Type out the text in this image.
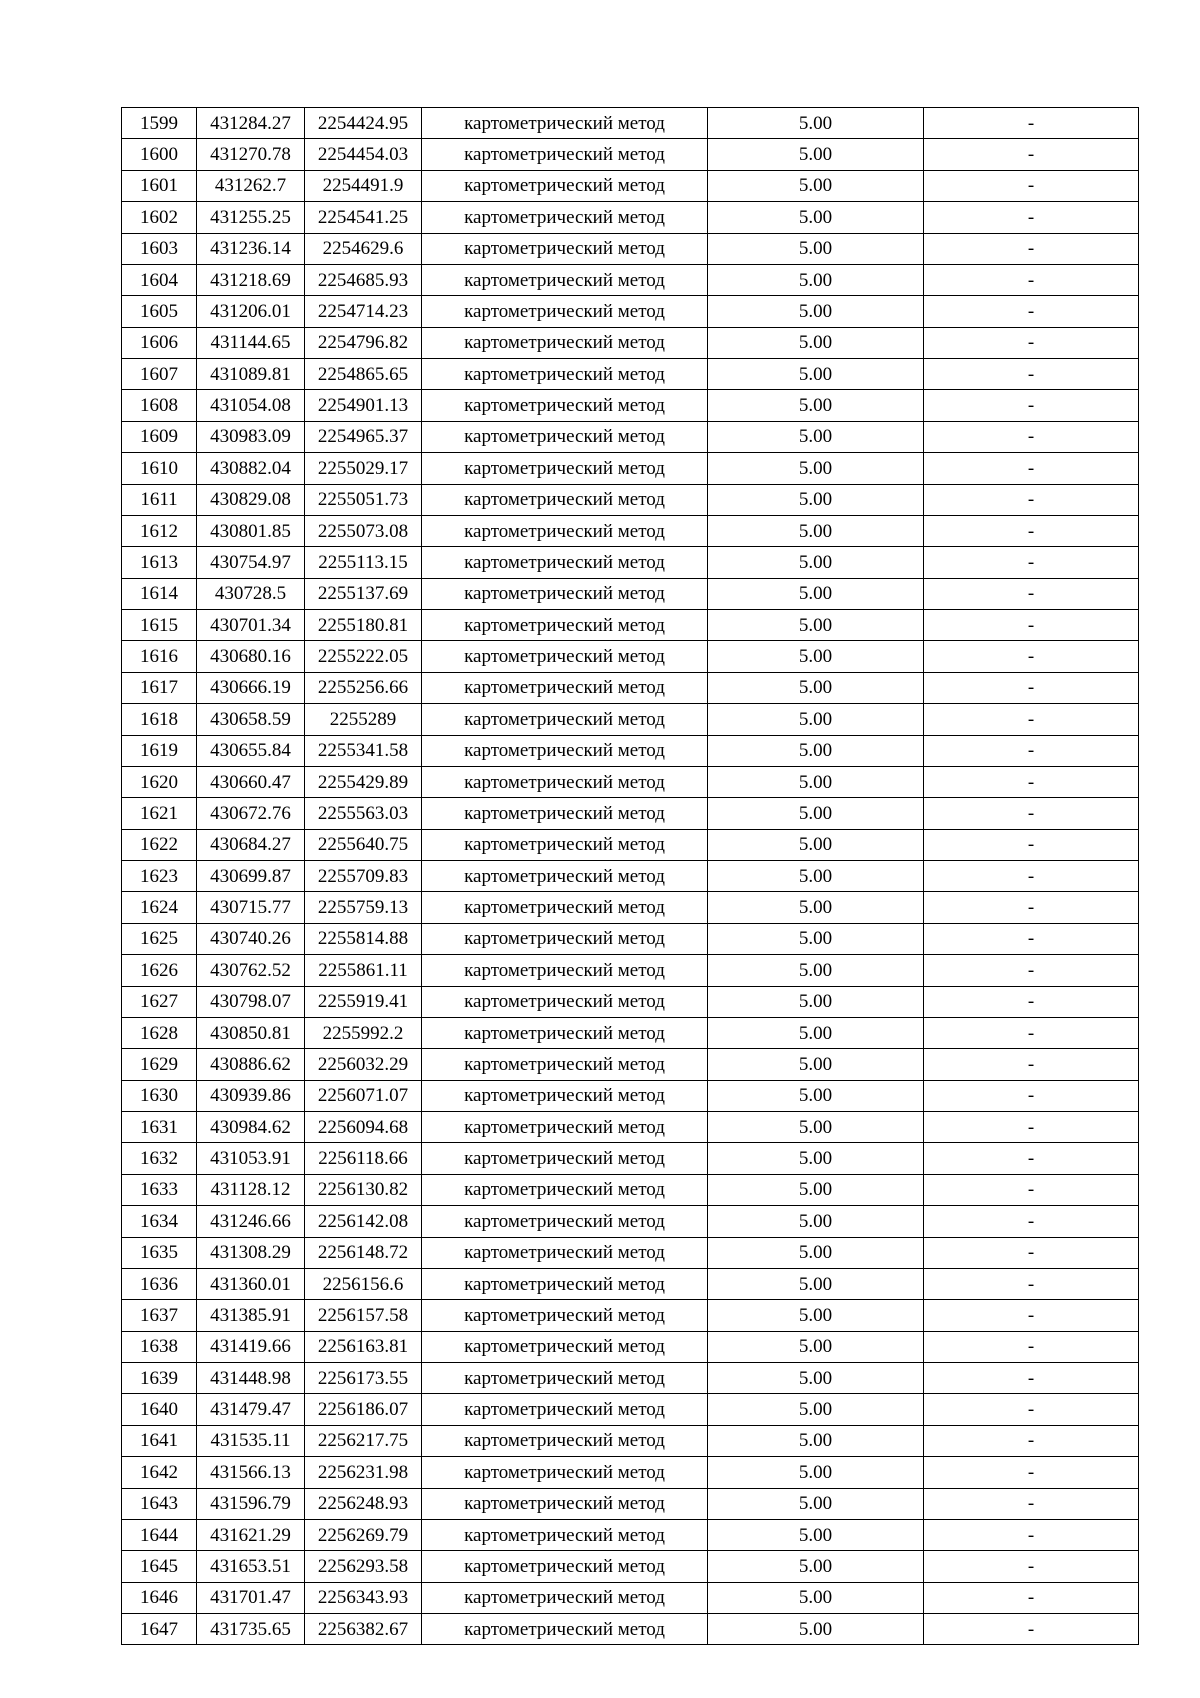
1599	431284.27	2254424.95	картометрический метод	5.00	-
1600	431270.78	2254454.03	картометрический метод	5.00	-
1601	431262.7	2254491.9	картометрический метод	5.00	-
1602	431255.25	2254541.25	картометрический метод	5.00	-
1603	431236.14	2254629.6	картометрический метод	5.00	-
1604	431218.69	2254685.93	картометрический метод	5.00	-
1605	431206.01	2254714.23	картометрический метод	5.00	-
1606	431144.65	2254796.82	картометрический метод	5.00	-
1607	431089.81	2254865.65	картометрический метод	5.00	-
1608	431054.08	2254901.13	картометрический метод	5.00	-
1609	430983.09	2254965.37	картометрический метод	5.00	-
1610	430882.04	2255029.17	картометрический метод	5.00	-
1611	430829.08	2255051.73	картометрический метод	5.00	-
1612	430801.85	2255073.08	картометрический метод	5.00	-
1613	430754.97	2255113.15	картометрический метод	5.00	-
1614	430728.5	2255137.69	картометрический метод	5.00	-
1615	430701.34	2255180.81	картометрический метод	5.00	-
1616	430680.16	2255222.05	картометрический метод	5.00	-
1617	430666.19	2255256.66	картометрический метод	5.00	-
1618	430658.59	2255289	картометрический метод	5.00	-
1619	430655.84	2255341.58	картометрический метод	5.00	-
1620	430660.47	2255429.89	картометрический метод	5.00	-
1621	430672.76	2255563.03	картометрический метод	5.00	-
1622	430684.27	2255640.75	картометрический метод	5.00	-
1623	430699.87	2255709.83	картометрический метод	5.00	-
1624	430715.77	2255759.13	картометрический метод	5.00	-
1625	430740.26	2255814.88	картометрический метод	5.00	-
1626	430762.52	2255861.11	картометрический метод	5.00	-
1627	430798.07	2255919.41	картометрический метод	5.00	-
1628	430850.81	2255992.2	картометрический метод	5.00	-
1629	430886.62	2256032.29	картометрический метод	5.00	-
1630	430939.86	2256071.07	картометрический метод	5.00	-
1631	430984.62	2256094.68	картометрический метод	5.00	-
1632	431053.91	2256118.66	картометрический метод	5.00	-
1633	431128.12	2256130.82	картометрический метод	5.00	-
1634	431246.66	2256142.08	картометрический метод	5.00	-
1635	431308.29	2256148.72	картометрический метод	5.00	-
1636	431360.01	2256156.6	картометрический метод	5.00	-
1637	431385.91	2256157.58	картометрический метод	5.00	-
1638	431419.66	2256163.81	картометрический метод	5.00	-
1639	431448.98	2256173.55	картометрический метод	5.00	-
1640	431479.47	2256186.07	картометрический метод	5.00	-
1641	431535.11	2256217.75	картометрический метод	5.00	-
1642	431566.13	2256231.98	картометрический метод	5.00	-
1643	431596.79	2256248.93	картометрический метод	5.00	-
1644	431621.29	2256269.79	картометрический метод	5.00	-
1645	431653.51	2256293.58	картометрический метод	5.00	-
1646	431701.47	2256343.93	картометрический метод	5.00	-
1647	431735.65	2256382.67	картометрический метод	5.00	-
